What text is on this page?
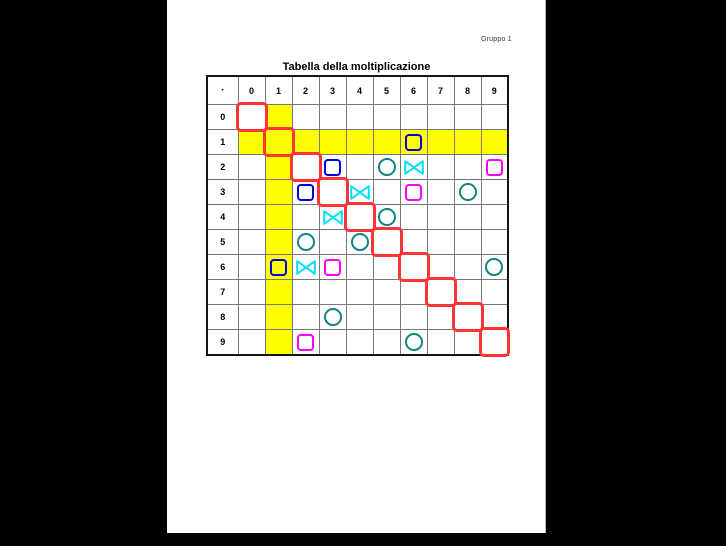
Gruppo 1
Tabella della moltiplicazione
·	0	1	2	3	4	5	6	7	8	9
0	

1	

2	

3	

4	

5	

6	

7	

8	

9	
